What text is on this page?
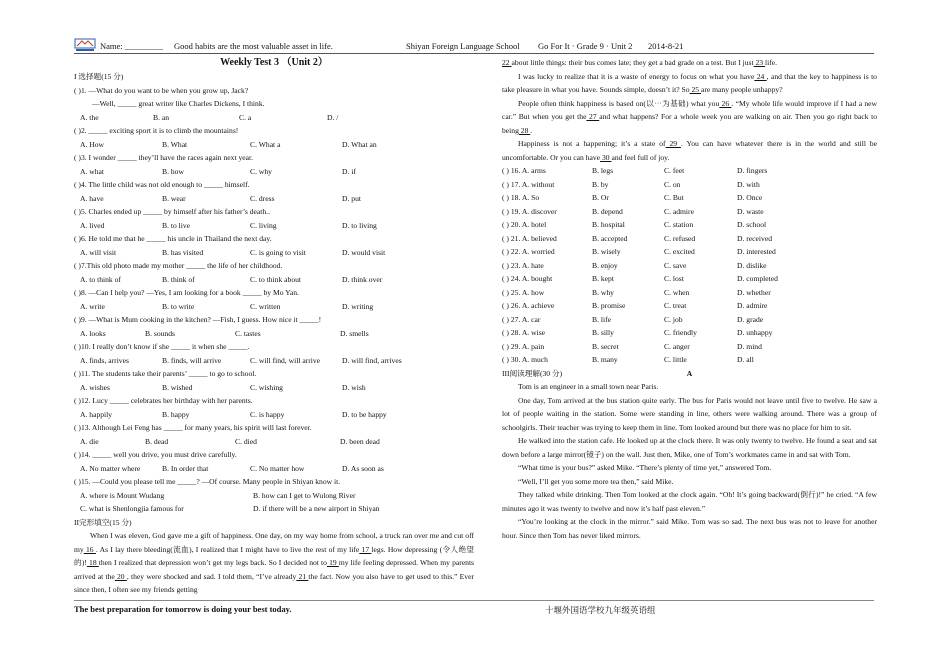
Name: _________ Good habits are the most valuable asset in life.	Shiyan Foreign Language School Go For It · Grade 9 · Unit 2 2014-8-21
Weekly Test 3 （Unit 2）
I 选择题(15 分)
( )1. —What do you want to be when you grow up, Jack?
—Well, _____ great writer like Charles Dickens, I think.
A. the	B. an	C. a	D. /
( )2. _____ exciting sport it is to climb the mountains!
A. How	B. What	C. What a	D. What an
( )3. I wonder _____ they’ll have the races again next year.
A. what	B. how	C. why	D. if
( )4. The little child was not old enough to _____ himself.
A. have	B. wear	C. dress	D. put
( )5. Charles ended up _____ by himself after his father’s death..
A. lived	B. to live	C. living	D. to living
( )6. He told me that he _____ his uncle in Thailand the next day.
A. will visit	B. has visited	C. is going to visit	D. would visit
( )7.This old photo made my mother _____ the life of her childhood.
A. to think of	B. think of	C. to think about	D. think over
( )8. —Can I help you? —Yes, I am looking for a book _____ by Mo Yan.
A. write	B. to write	C. written	D. writing
( )9. —What is Mum cooking in the kitchen? —Fish, I guess. How nice it _____!
A. looks	B. sounds	C. tastes	D. smells
( )10. I really don’t know if she _____ it when she _____.
A. finds, arrives	B. finds, will arrive	C. will find, will arrive	D. will find, arrives
( )11. The students take their parents’ _____ to go to school.
A. wishes	B. wished	C. wishing	D. wish
( )12. Lucy _____ celebrates her birthday with her parents.
A. happily	B. happy	C. is happy	D. to be happy
( )13. Although Lei Feng has _____ for many years, his spirit will last forever.
A. die	B. dead	C. died	D. been dead
( )14. _____ well you drive, you must drive carefully.
A. No matter where	B. In order that	C. No matter how	D. As soon as
( )15. —Could you please tell me _____? —Of course. Many people in Shiyan know it.
A. where is Mount Wudang	B. how can I get to Wulong River
C. what is Shenlongjia famous for	D. if there will be a new airport in Shiyan
II完形填空(15 分)
When I was eleven, God gave me a gift of happiness. One day, on my way home from school, a truck ran over me and cut off my 16 . As I lay there bleeding(流血), I realized that I might have to live the rest of my life 17 legs. How depressing (令人绝望的)! 18 then I realized that depression won’t get my legs back. So I decided not to 19 my life feeling depressed. When my parents arrived at the 20 , they were shocked and sad. I told them, “I’ve already 21 the fact. Now you also have to get used to this.” Ever since then, I often see my friends getting
22 about little things: their bus comes late; they get a bad grade on a test. But I just 23 life.
I was lucky to realize that it is a waste of energy to focus on what you have 24 , and that the key to happiness is to take pleasure in what you have. Sounds simple, doesn’t it? So 25 are many people unhappy?
People often think happiness is based on(以⋯为基础) what you 26 . “My whole life would improve if I had a new car.” But when you get the 27 and what happens? For a whole week you are walking on air. Then you go right back to being 28 .
Happiness is not a happening; it’s a state of 29 . You can have whatever there is in the world and still be uncomfortable. Or you can have 30 and feel full of joy.
( ) 16. A. arms	B. legs	C. feet	D. fingers
( ) 17. A. without	B. by	C. on	D. with
( ) 18. A. So	B. Or	C. But	D. Once
( ) 19. A. discover	B. depend	C. admire	D. waste
( ) 20. A. hotel	B. hospital	C. station	D. school
( ) 21. A. believed	B. accepted	C. refused	D. received
( ) 22. A. worried	B. wisely	C. excited	D. interested
( ) 23. A. hate	B. enjoy	C. save	D. dislike
( ) 24. A. bought	B. kept	C. lost	D. completed
( ) 25. A. how	B. why	C. when	D. whether
( ) 26. A. achieve	B. promise	C. treat	D. admire
( ) 27. A. car	B. life	C. job	D. grade
( ) 28. A. wise	B. silly	C. friendly	D. unhappy
( ) 29. A. pain	B. secret	C. anger	D. mind
( ) 30. A. much	B. many	C. little	D. all
III阅读理解(30 分)	A
Tom is an engineer in a small town near Paris.
One day, Tom arrived at the bus station quite early. The bus for Paris would not leave until five to twelve. He saw a lot of people waiting in the station. Some were standing in line, others were walking around. There was a group of schoolgirls. Their teacher was trying to keep them in line. Tom looked around but there was no place for him to sit.
He walked into the station cafe. He looked up at the clock there. It was only twenty to twelve. He found a seat and sat down before a large mirror(镜子) on the wall. Just then, Mike, one of Tom’s workmates came in and sat with Tom.
“What time is your bus?” asked Mike. “There’s plenty of time yet,” answered Tom.
“Well, I’ll get you some more tea then,” said Mike.
They talked while drinking. Then Tom looked at the clock again. “Oh! It’s going backward(倒行)!” he cried. “A few minutes ago it was twenty to twelve and now it’s half past eleven.”
“You’re looking at the clock in the mirror.” said Mike. Tom was so sad. The next bus was not to leave for another hour. Since then Tom has never liked mirrors.
The best preparation for tomorrow is doing your best today.	十堰外国语学校九年级英语组
